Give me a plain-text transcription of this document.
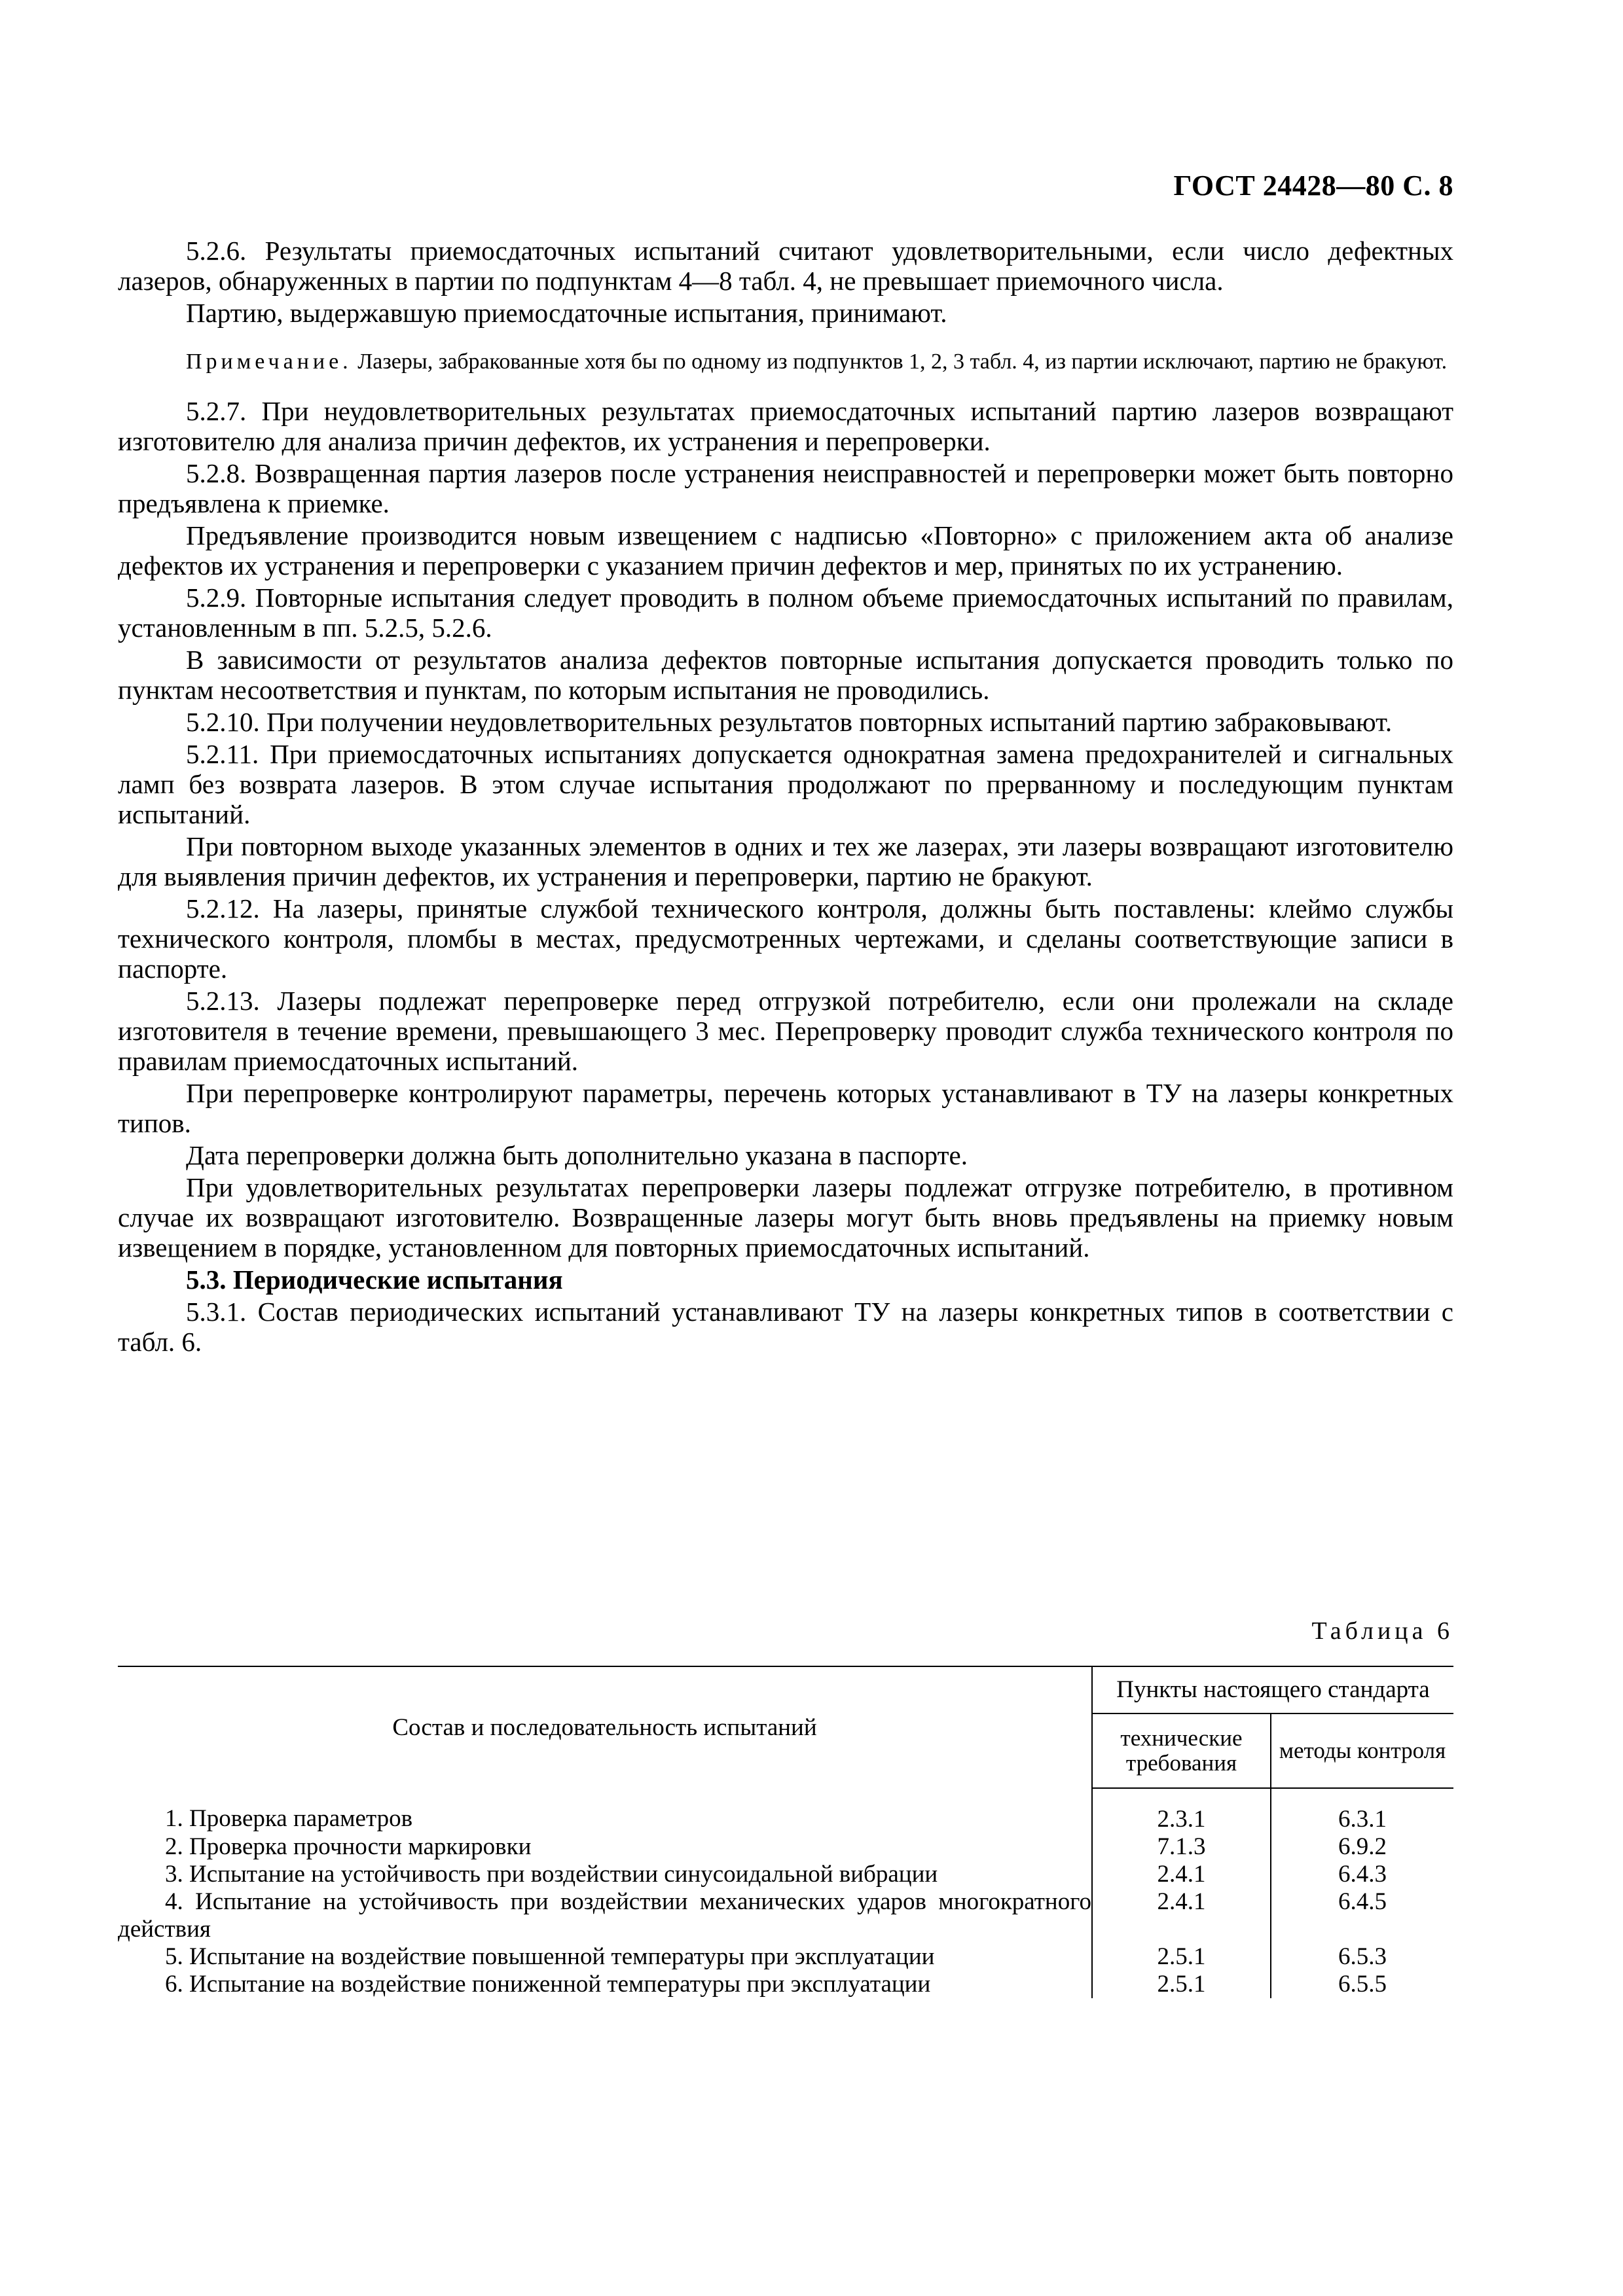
ГОСТ 24428—80 С. 8

5.2.6. Результаты приемосдаточных испытаний считают удовлетворительными, если число дефектных лазеров, обнаруженных в партии по подпунктам 4—8 табл. 4, не превышает приемочного числа.

Партию, выдержавшую приемосдаточные испытания, принимают.

Примечание. Лазеры, забракованные хотя бы по одному из подпунктов 1, 2, 3 табл. 4, из партии исключают, партию не бракуют.

5.2.7. При неудовлетворительных результатах приемосдаточных испытаний партию лазеров возвращают изготовителю для анализа причин дефектов, их устранения и перепроверки.

5.2.8. Возвращенная партия лазеров после устранения неисправностей и перепроверки может быть повторно предъявлена к приемке.

Предъявление производится новым извещением с надписью «Повторно» с приложением акта об анализе дефектов их устранения и перепроверки с указанием причин дефектов и мер, принятых по их устранению.

5.2.9. Повторные испытания следует проводить в полном объеме приемосдаточных испытаний по правилам, установленным в пп. 5.2.5, 5.2.6.

В зависимости от результатов анализа дефектов повторные испытания допускается проводить только по пунктам несоответствия и пунктам, по которым испытания не проводились.

5.2.10. При получении неудовлетворительных результатов повторных испытаний партию забраковывают.

5.2.11. При приемосдаточных испытаниях допускается однократная замена предохранителей и сигнальных ламп без возврата лазеров. В этом случае испытания продолжают по прерванному и последующим пунктам испытаний.

При повторном выходе указанных элементов в одних и тех же лазерах, эти лазеры возвращают изготовителю для выявления причин дефектов, их устранения и перепроверки, партию не бракуют.

5.2.12. На лазеры, принятые службой технического контроля, должны быть поставлены: клеймо службы технического контроля, пломбы в местах, предусмотренных чертежами, и сделаны соответствующие записи в паспорте.

5.2.13. Лазеры подлежат перепроверке перед отгрузкой потребителю, если они пролежали на складе изготовителя в течение времени, превышающего 3 мес. Перепроверку проводит служба технического контроля по правилам приемосдаточных испытаний.

При перепроверке контролируют параметры, перечень которых устанавливают в ТУ на лазеры конкретных типов.

Дата перепроверки должна быть дополнительно указана в паспорте.

При удовлетворительных результатах перепроверки лазеры подлежат отгрузке потребителю, в противном случае их возвращают изготовителю. Возвращенные лазеры могут быть вновь предъявлены на приемку новым извещением в порядке, установленном для повторных приемосдаточных испытаний.

5.3. Периодические испытания

5.3.1. Состав периодических испытаний устанавливают ТУ на лазеры конкретных типов в соответствии с табл. 6.

Таблица 6
Состав и последовательность испытаний	Пункты настоящего стандарта	
	технические требования	методы контроля

1. Проверка параметров	2.3.1	6.3.1

2. Проверка прочности маркировки	7.1.3	6.9.2

3. Испытание на устойчивость при воздействии синусоидальной вибрации	2.4.1	6.4.3

4. Испытание на устойчивость при воздействии механических ударов многократного действия	2.4.1	6.4.5

5. Испытание на воздействие повышенной температуры при эксплуатации	2.5.1	6.5.3

6. Испытание на воздействие пониженной температуры при эксплуатации	2.5.1	6.5.5
